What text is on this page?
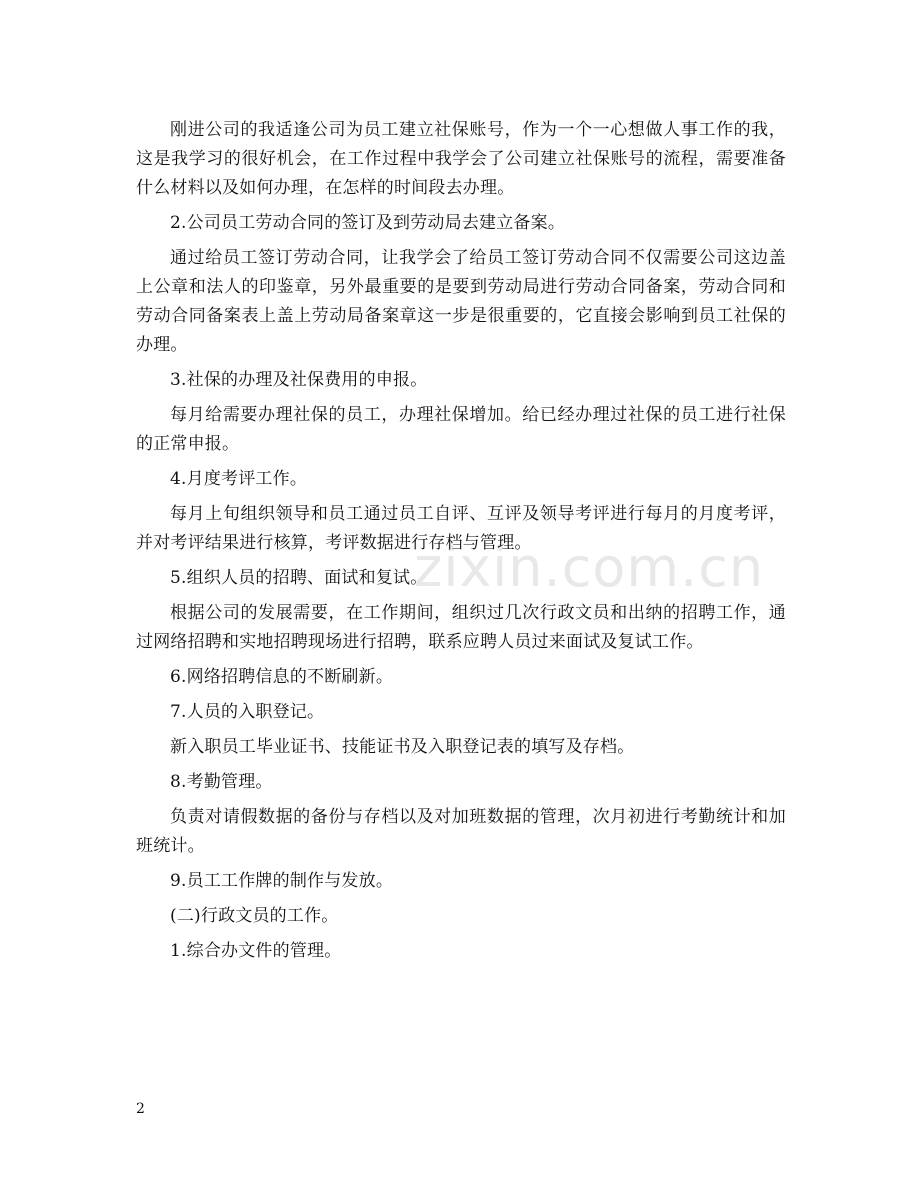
zixin.com.cn

刚进公司的我适逢公司为员工建立社保账号，作为一个一心想做人事工作的我，这是我学习的很好机会，在工作过程中我学会了公司建立社保账号的流程，需要准备什么材料以及如何办理，在怎样的时间段去办理。

2.公司员工劳动合同的签订及到劳动局去建立备案。

通过给员工签订劳动合同，让我学会了给员工签订劳动合同不仅需要公司这边盖上公章和法人的印鉴章，另外最重要的是要到劳动局进行劳动合同备案，劳动合同和劳动合同备案表上盖上劳动局备案章这一步是很重要的，它直接会影响到员工社保的办理。

3.社保的办理及社保费用的申报。

每月给需要办理社保的员工，办理社保增加。给已经办理过社保的员工进行社保的正常申报。

4.月度考评工作。

每月上旬组织领导和员工通过员工自评、互评及领导考评进行每月的月度考评，并对考评结果进行核算，考评数据进行存档与管理。

5.组织人员的招聘、面试和复试。

根据公司的发展需要，在工作期间，组织过几次行政文员和出纳的招聘工作，通过网络招聘和实地招聘现场进行招聘，联系应聘人员过来面试及复试工作。

6.网络招聘信息的不断刷新。

7.人员的入职登记。

新入职员工毕业证书、技能证书及入职登记表的填写及存档。

8.考勤管理。

负责对请假数据的备份与存档以及对加班数据的管理，次月初进行考勤统计和加班统计。

9.员工工作牌的制作与发放。

(二)行政文员的工作。

1.综合办文件的管理。

2
